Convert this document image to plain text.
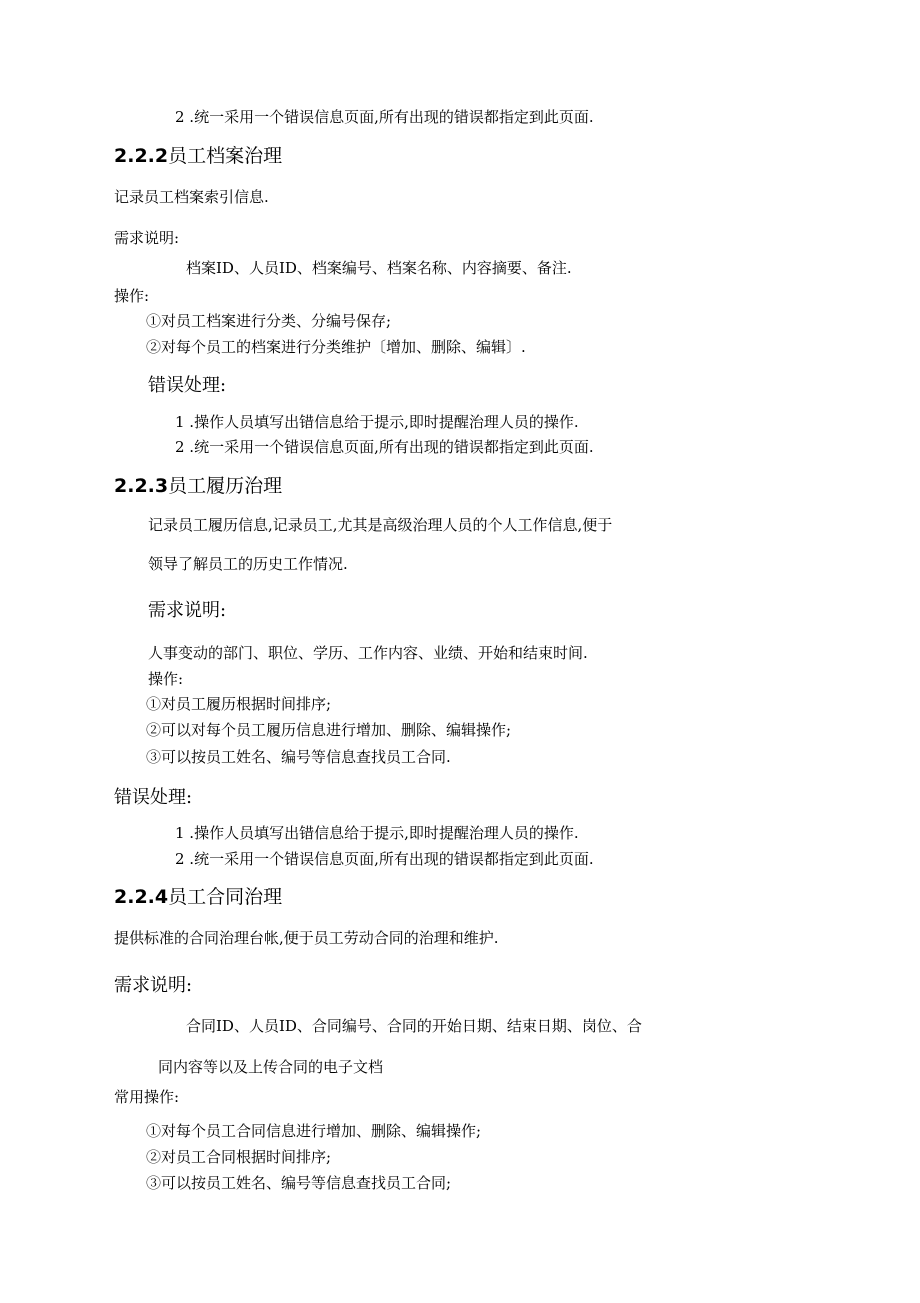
2 .统一采用一个错误信息页面,所有出现的错误都指定到此页面.
2.2.2员工档案治理
记录员工档案索引信息.
需求说明:
档案ID、人员ID、档案编号、档案名称、内容摘要、备注.
操作:
①对员工档案进行分类、分编号保存;
②对每个员工的档案进行分类维护〔增加、删除、编辑〕.
错误处理:
1 .操作人员填写出错信息给于提示,即时提醒治理人员的操作.
2 .统一采用一个错误信息页面,所有出现的错误都指定到此页面.
2.2.3员工履历治理
记录员工履历信息,记录员工,尤其是高级治理人员的个人工作信息,便于
领导了解员工的历史工作情况.
需求说明:
人事变动的部门、职位、学历、工作内容、业绩、开始和结束时间.
操作:
①对员工履历根据时间排序;
②可以对每个员工履历信息进行增加、删除、编辑操作;
③可以按员工姓名、编号等信息查找员工合同.
错误处理:
1 .操作人员填写出错信息给于提示,即时提醒治理人员的操作.
2 .统一采用一个错误信息页面,所有出现的错误都指定到此页面.
2.2.4员工合同治理
提供标准的合同治理台帐,便于员工劳动合同的治理和维护.
需求说明:
合同ID、人员ID、合同编号、合同的开始日期、结束日期、岗位、合
同内容等以及上传合同的电子文档
常用操作:
①对每个员工合同信息进行增加、删除、编辑操作;
②对员工合同根据时间排序;
③可以按员工姓名、编号等信息查找员工合同;
